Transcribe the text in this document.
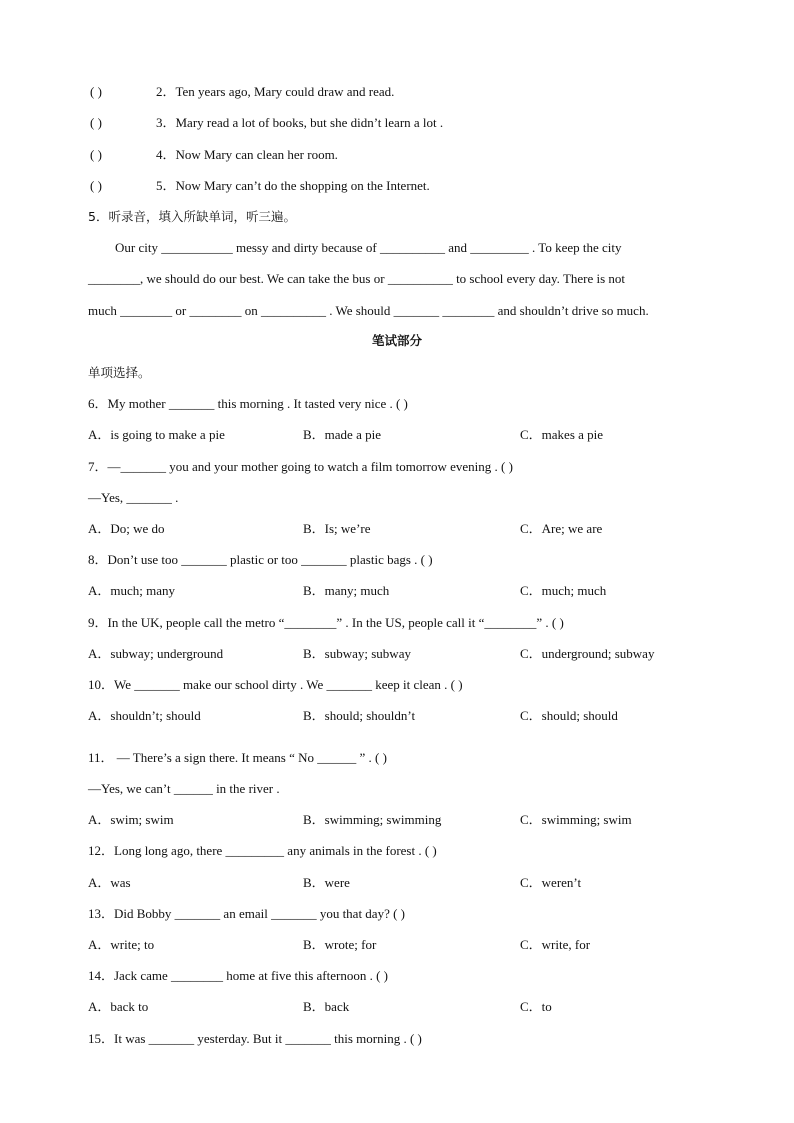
( )	2．Ten years ago, Mary could draw and read.
( )	3．Mary read a lot of books, but she didn’t learn a lot .
( )	4．Now Mary can clean her room.
( )	5．Now Mary can’t do the shopping on the Internet.
5．听录音，填入所缺单词，听三遍。
Our city ___________ messy and dirty because of __________ and _________ . To keep the city
________, we should do our best. We can take the bus or __________ to school every day. There is not
much ________ or ________ on __________ . We should _______ ________ and shouldn’t drive so much.
笔试部分
单项选择。
6．My mother _______ this morning . It tasted very nice . ( )
A．is going to make a pie	B．made a pie	C．makes a pie
7．—_______ you and your mother going to watch a film tomorrow evening . ( )
—Yes, _______ .
A．Do; we do	B．Is; we’re	C．Are; we are
8．Don’t use too _______ plastic or too _______ plastic bags . ( )
A．much; many	B．many; much	C．much; much
9．In the UK, people call the metro “________” . In the US, people call it “________” . ( )
A．subway; underground	B．subway; subway	C．underground; subway
10．We _______ make our school dirty . We _______ keep it clean . ( )
A．shouldn’t; should	B．should; shouldn’t	C．should; should
11． — There’s a sign there. It means “ No ______ ” . ( )
—Yes, we can’t ______ in the river .
A．swim; swim	B．swimming; swimming	C．swimming; swim
12．Long long ago, there _________ any animals in the forest . ( )
A．was	B．were	C．weren’t
13．Did Bobby _______ an email _______ you that day? ( )
A．write; to	B．wrote; for	C．write, for
14．Jack came ________ home at five this afternoon . ( )
A．back to	B．back	C．to
15．It was _______ yesterday. But it _______ this morning . ( )
